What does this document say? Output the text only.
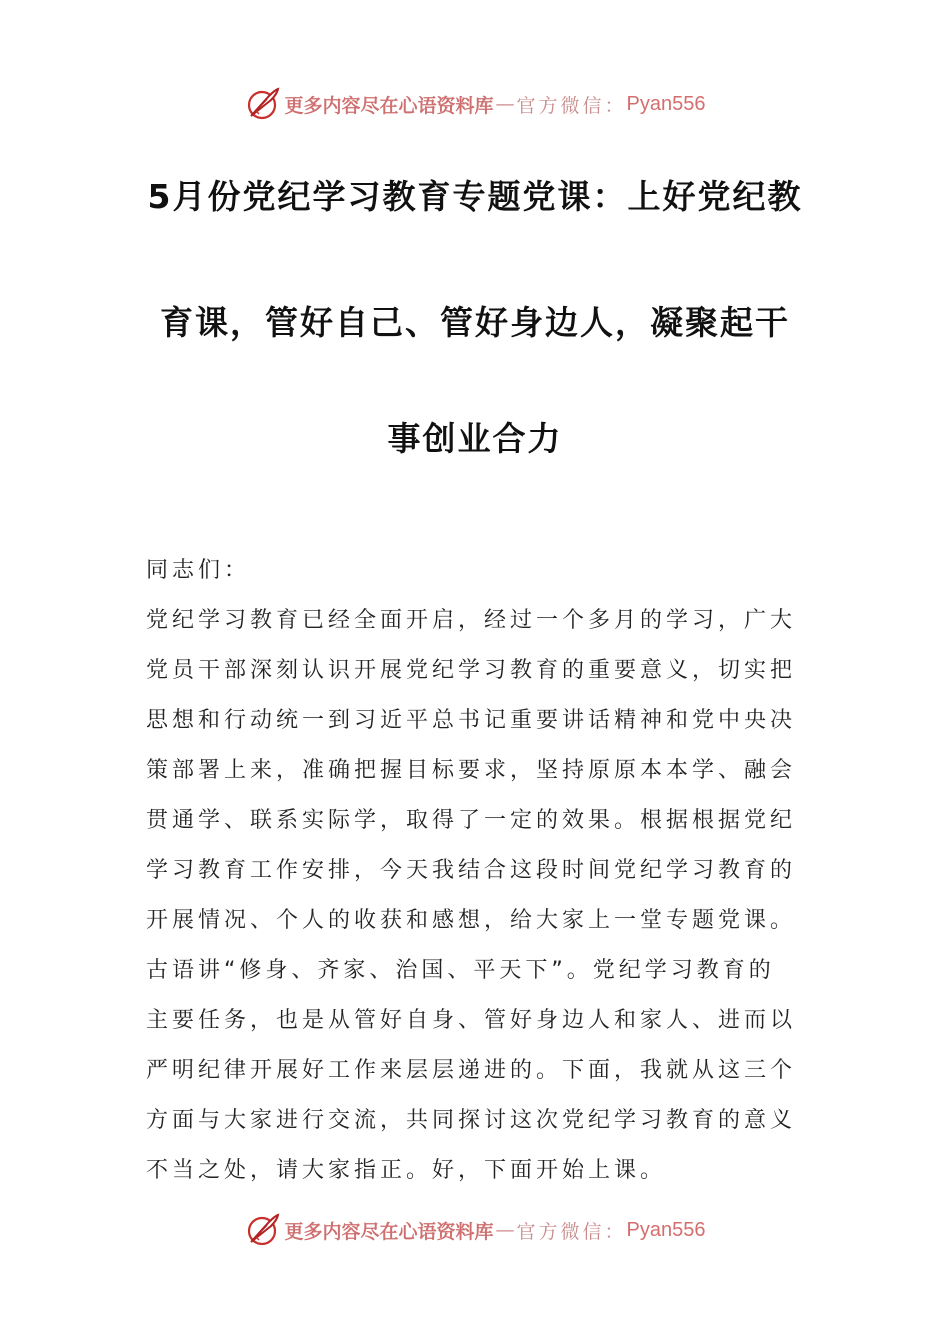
更多内容尽在心语资料库 — 官方微信： Pyan556
5月份党纪学习教育专题党课：上好党纪教
育课，管好自己、管好身边人，凝聚起干
事创业合力
同志们：
党纪学习教育已经全面开启，经过一个多月的学习，广大
党员干部深刻认识开展党纪学习教育的重要意义，切实把
思想和行动统一到习近平总书记重要讲话精神和党中央决
策部署上来，准确把握目标要求，坚持原原本本学、融会
贯通学、联系实际学，取得了一定的效果。根据根据党纪
学习教育工作安排，今天我结合这段时间党纪学习教育的
开展情况、个人的收获和感想，给大家上一堂专题党课。
古语讲“修身、齐家、治国、平天下”。党纪学习教育的
主要任务，也是从管好自身、管好身边人和家人、进而以
严明纪律开展好工作来层层递进的。下面，我就从这三个
方面与大家进行交流，共同探讨这次党纪学习教育的意义
不当之处，请大家指正。好，下面开始上课。
更多内容尽在心语资料库 — 官方微信： Pyan556
